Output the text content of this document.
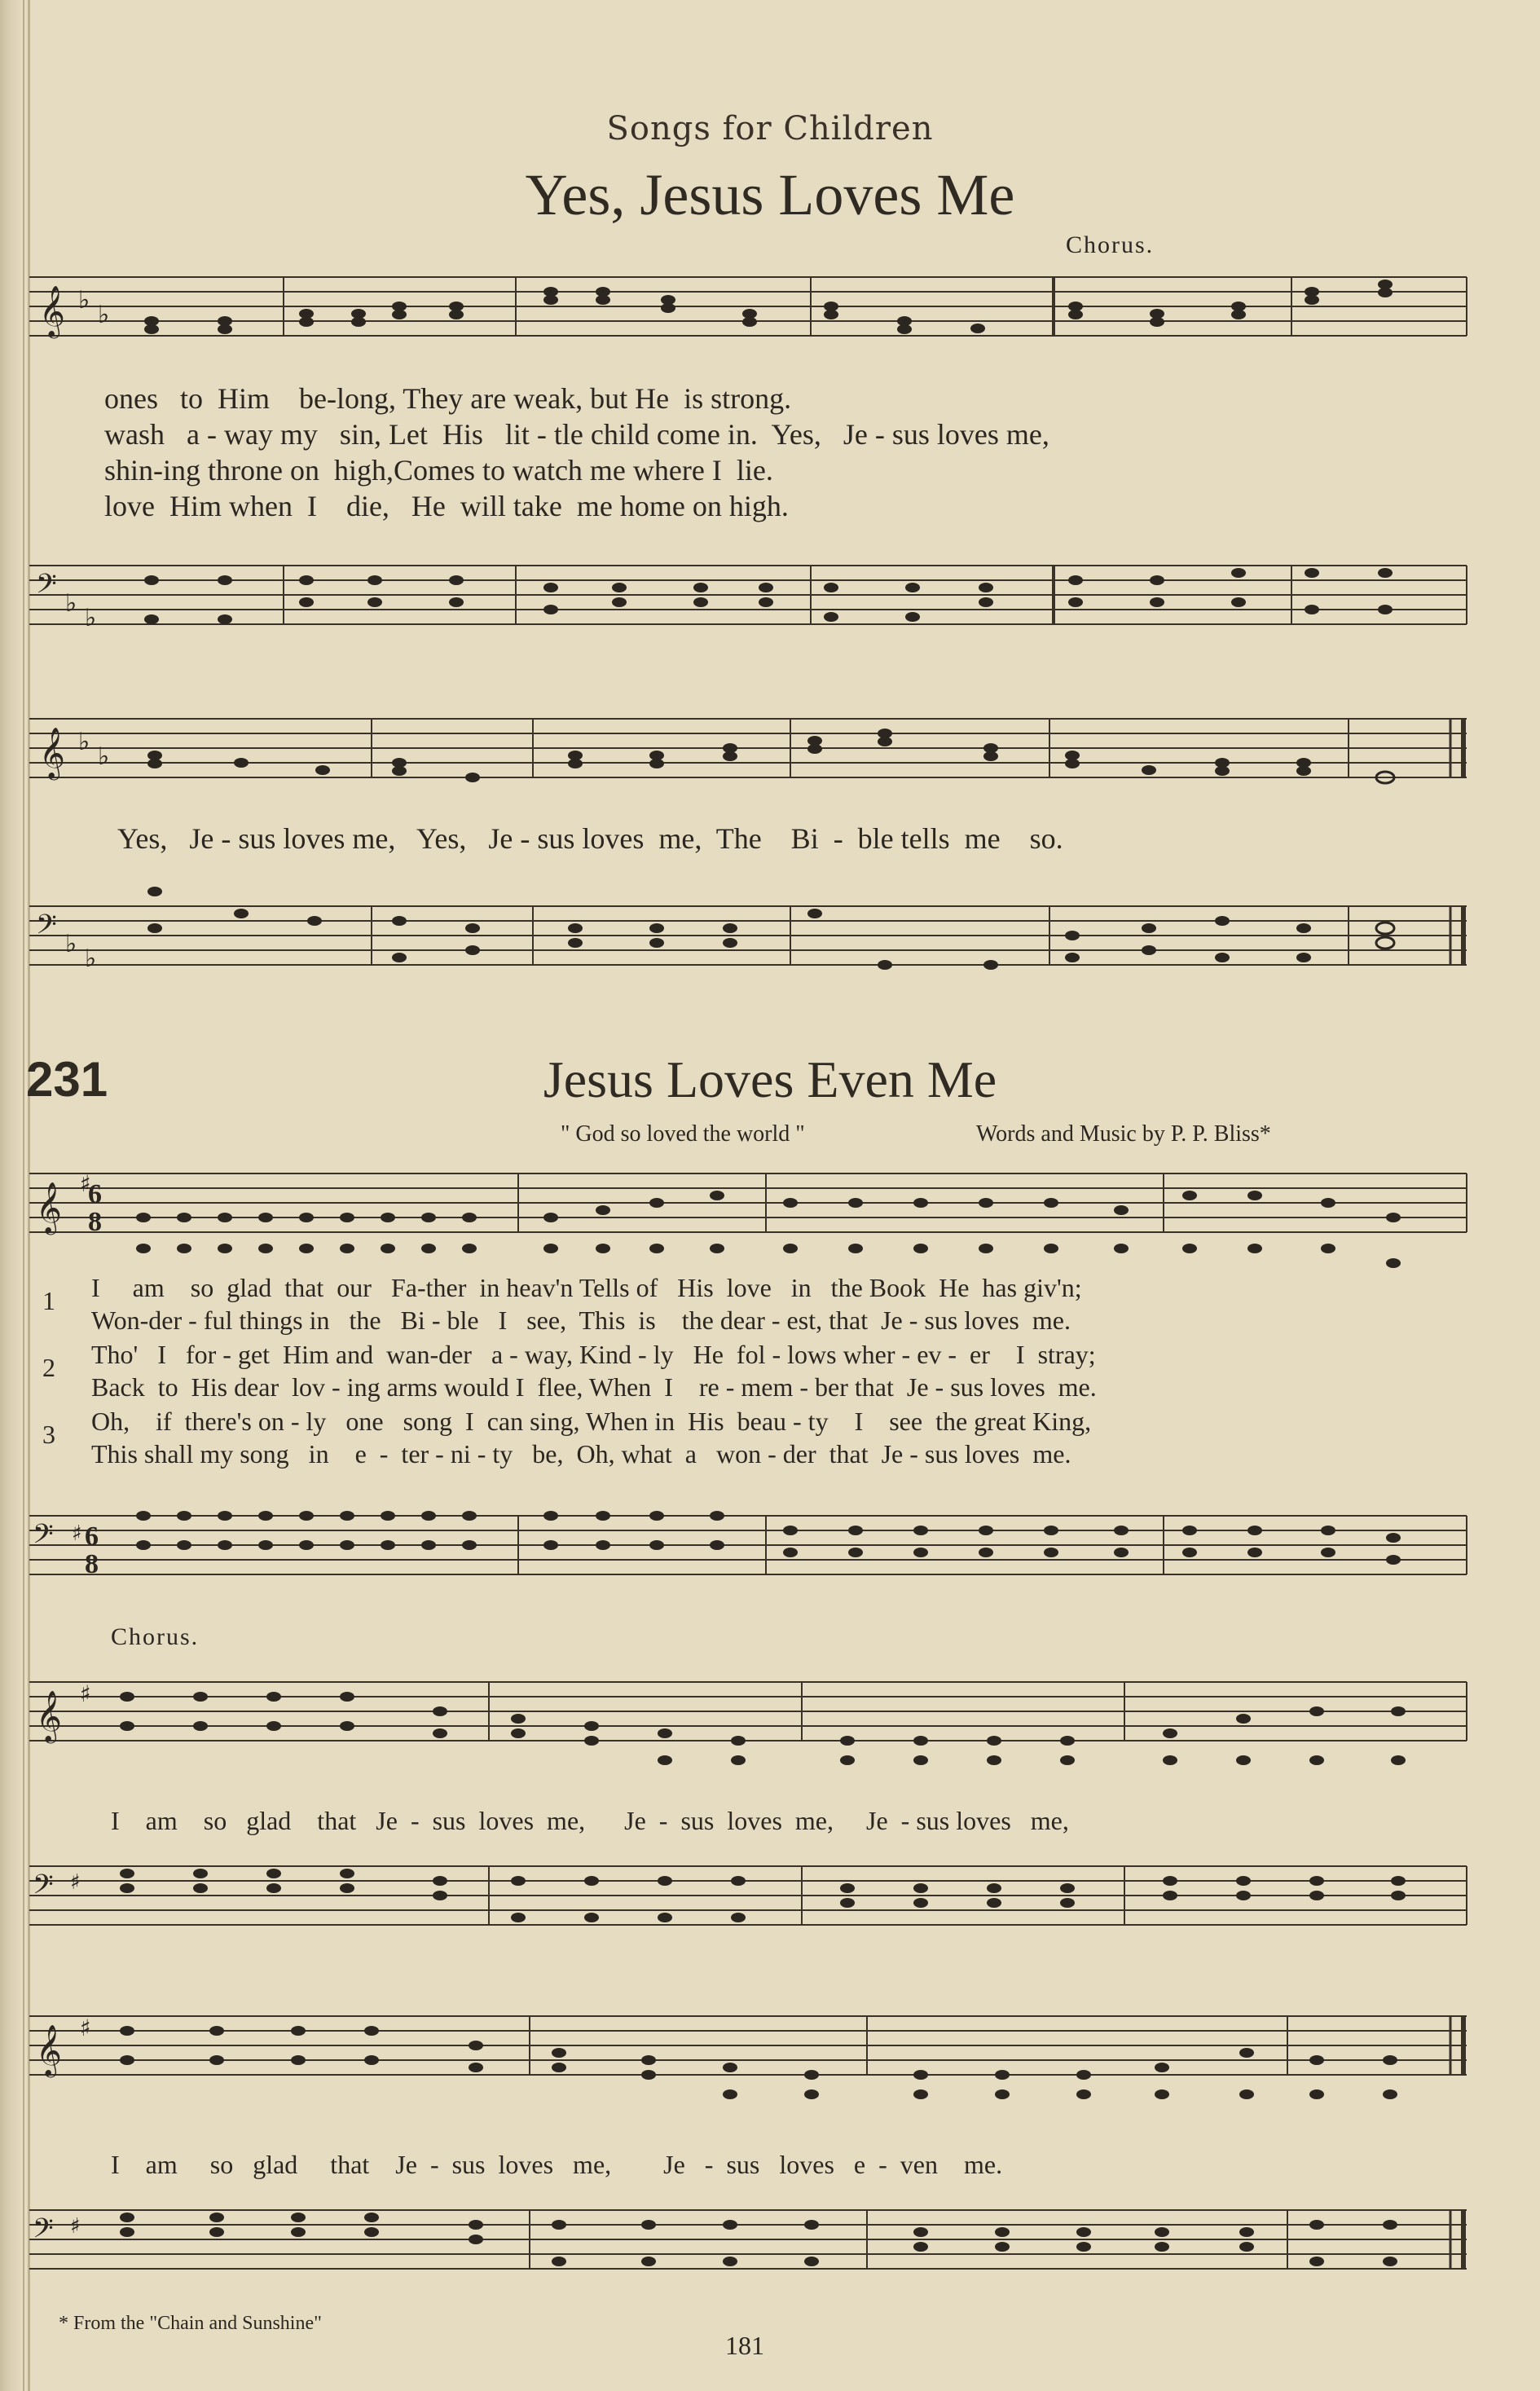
Songs for Children
Yes, Jesus Loves Me
Chorus.
𝄞 ♭
♭
ones   to  Him    be-long, They are weak, but He  is strong.
wash   a - way my   sin, Let  His   lit - tle child come in.  Yes,   Je - sus loves me,
shin-ing throne on  high,Comes to watch me where I  lie.
love  Him when  I    die,   He  will take  me home on high.
𝄢 ♭
♭
𝄞 ♭
♭
Yes,   Je - sus loves me,   Yes,   Je - sus loves  me,  The    Bi  -  ble tells  me    so.
𝄢 ♭
♭
231	Jesus Loves Even Me
" God so loved the world "	Words and Music by P. P. Bliss*
𝄞 ♯
6
8
1
2
3
I     am    so  glad  that  our   Fa-ther  in heav'n Tells of   His  love   in   the Book  He  has giv'n;
Won-der - ful things in   the   Bi - ble   I   see,  This  is    the dear - est, that  Je - sus loves  me.
Tho'   I   for - get  Him and  wan-der   a - way, Kind - ly   He  fol - lows wher - ev -  er    I  stray;
Back  to  His dear  lov - ing arms would I  flee, When  I    re - mem - ber that  Je - sus loves  me.
Oh,    if  there's on - ly   one   song  I  can sing, When in  His  beau - ty    I    see  the great King,
This shall my song   in    e  -  ter - ni - ty   be,  Oh, what  a   won - der  that  Je - sus loves  me.
𝄢 ♯ 6
8
Chorus.
𝄞 ♯
I    am    so   glad    that   Je  -  sus  loves  me,      Je  -  sus  loves  me,     Je  - sus loves   me,
𝄢 ♯
𝄞 ♯
I    am     so   glad     that    Je  -  sus  loves   me,        Je   -  sus   loves   e  -  ven    me.
𝄢 ♯
* From the "Chain and Sunshine"
181
